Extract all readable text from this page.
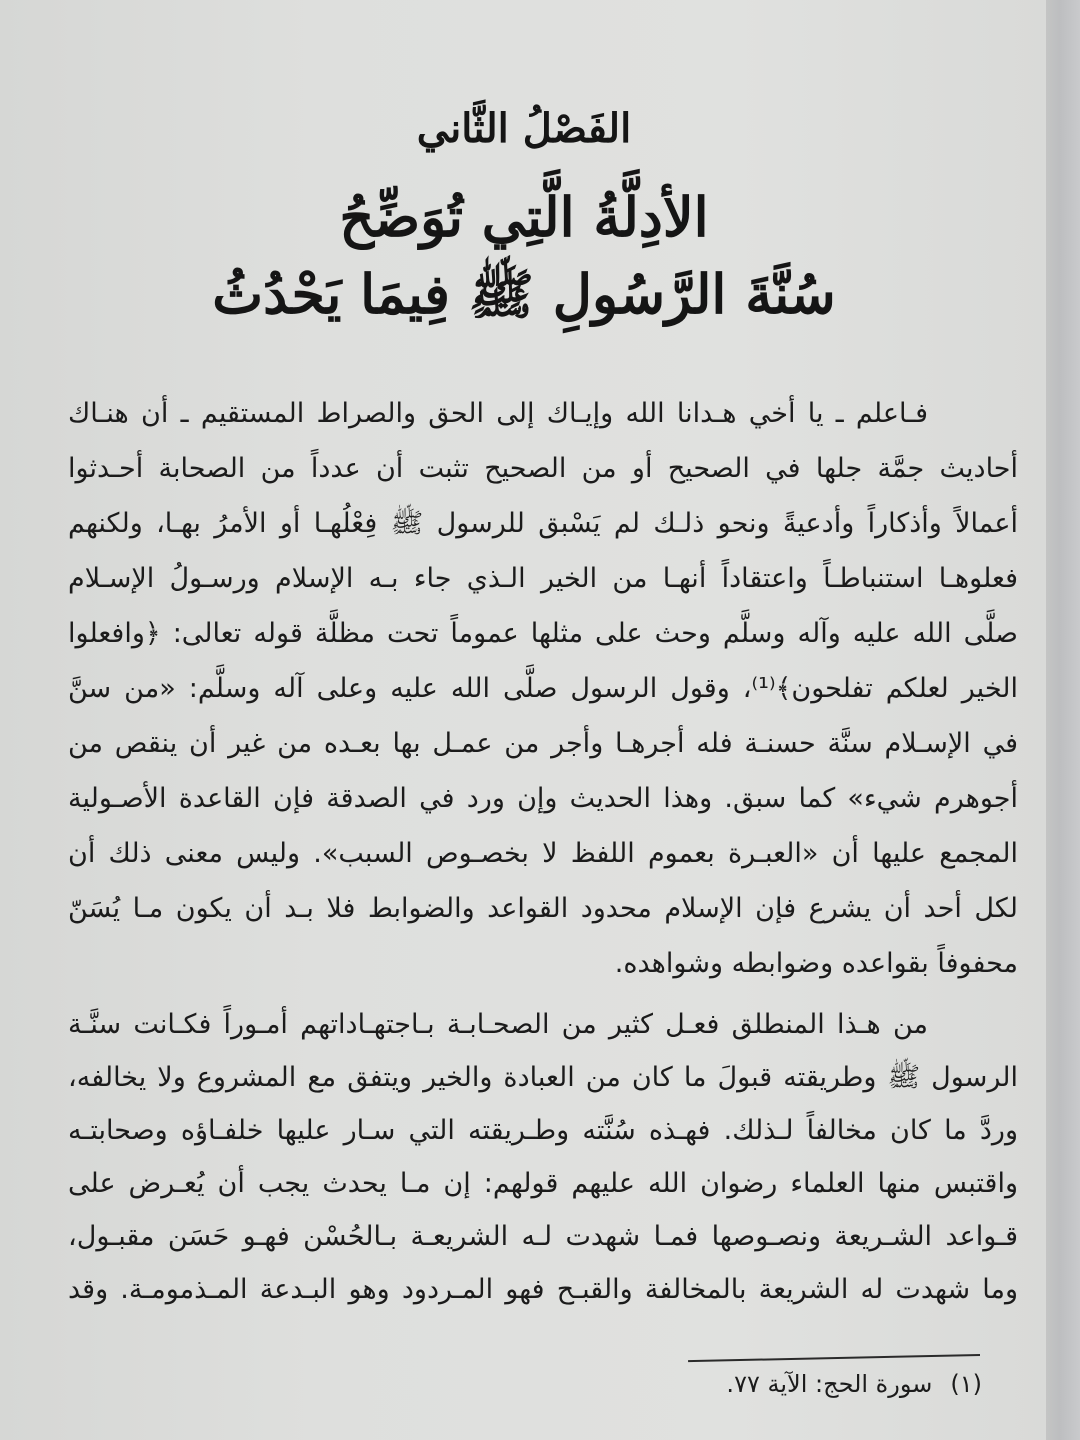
الفَصْلُ الثَّاني
الأدِلَّةُ الَّتِي تُوَضِّحُ
سُنَّةَ الرَّسُولِ ﷺ فِيمَا يَحْدُثُ
فـاعلم ـ يا أخي هـدانا الله وإيـاك إلى الحق والصراط المستقيم ـ أن هنـاك
أحاديث جمَّة جلها في الصحيح أو من الصحيح تثبت أن عدداً من الصحابة أحـدثوا
أعمالاً وأذكاراً وأدعيةً ونحو ذلـك لم يَسْبق للرسول ﷺ فِعْلُهـا أو الأمرُ بهـا، ولكنهم
فعلوهـا استنباطـاً واعتقاداً أنهـا من الخير الـذي جاء بـه الإسلام ورسـولُ الإسـلام
صلَّى الله عليه وآله وسلَّم وحث على مثلها عموماً تحت مظلَّة قوله تعالى: ﴿وافعلوا
الخير لعلكم تفلحون﴾⁽¹⁾، وقول الرسول صلَّى الله عليه وعلى آله وسلَّم: «من سنَّ
في الإسـلام سنَّة حسنـة فله أجرهـا وأجر من عمـل بها بعـده من غير أن ينقص من
أجوهرم شيء» كما سبق. وهذا الحديث وإن ورد في الصدقة فإن القاعدة الأصـولية
المجمع عليها أن «العبـرة بعموم اللفظ لا بخصـوص السبب». وليس معنى ذلك أن
لكل أحد أن يشرع فإن الإسلام محدود القواعد والضوابط فلا بـد أن يكون مـا يُسَنّ
محفوفاً بقواعده وضوابطه وشواهده.
من هـذا المنطلق فعـل كثير من الصحـابـة بـاجتهـاداتهم أمـوراً فكـانت سنَّـة
الرسول ﷺ وطريقته قبولَ ما كان من العبادة والخير ويتفق مع المشروع ولا يخالفه،
وردَّ ما كان مخالفاً لـذلك. فهـذه سُنَّته وطـريقته التي سـار عليها خلفـاؤه وصحابتـه
واقتبس منها العلماء رضوان الله عليهم قولهم: إن مـا يحدث يجب أن يُعـرض على
قـواعد الشـريعة ونصـوصها فمـا شهدت لـه الشريعـة بـالحُسْن فهـو حَسَن مقبـول،
وما شهدت له الشريعة بالمخالفة والقبـح فهو المـردود وهو البـدعة المـذمومـة. وقد
(١)سورة الحج: الآية ٧٧.
